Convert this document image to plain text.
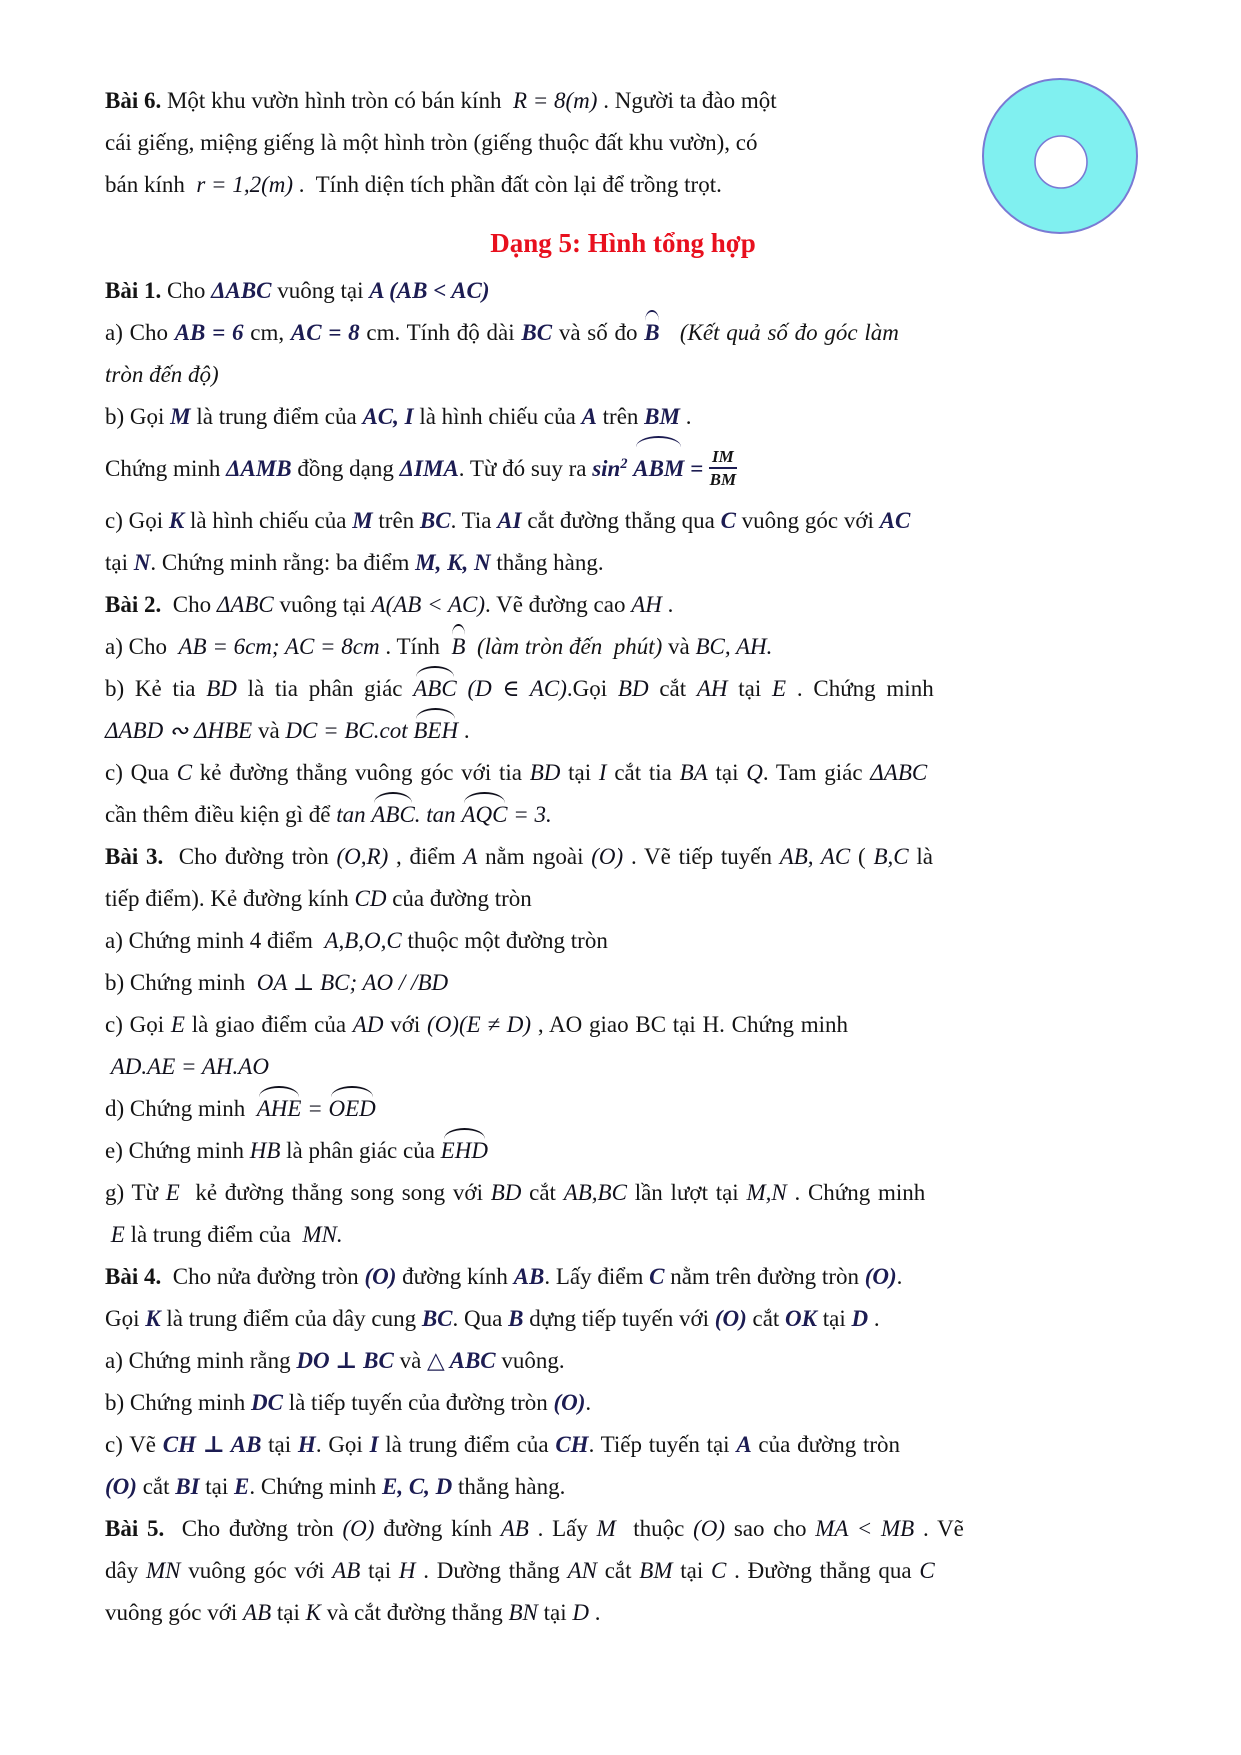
Bài 6. Một khu vườn hình tròn có bán kính  R = 8(m) . Người ta đào một
cái giếng, miệng giếng là một hình tròn (giếng thuộc đất khu vườn), có
bán kính  r = 1,2(m) .  Tính diện tích phần đất còn lại để trồng trọt.
Dạng 5: Hình tổng hợp
Bài 1. Cho ΔABC vuông tại A (AB < AC)
a) Cho AB = 6 cm, AC = 8 cm. Tính độ dài BC và số đo B (Kết quả số đo góc làm
tròn đến độ)
b) Gọi M là trung điểm của AC, I là hình chiếu của A trên BM .
Chứng minh ΔAMB đồng dạng ΔIMA. Từ đó suy ra $\sin^2$ ABM = $\frac{IM}{BM}$
c) Gọi K là hình chiếu của M trên BC. Tia AI cắt đường thẳng qua C vuông góc với AC
tại N. Chứng minh rằng: ba điểm M, K, N thẳng hàng.
Bài 2.  Cho ΔABC vuông tại A(AB < AC). Vẽ đường cao AH .
a) Cho  AB = 6cm; AC = 8cm . Tính  B (làm tròn đến  phút) và BC, AH.
b) Kẻ tia BD là tia phân giác ABC (D ∈ AC).Gọi BD cắt AH tại E . Chứng minh
ΔABD ∾ ΔHBE và DC = BC.cot BEH .
c) Qua C kẻ đường thẳng vuông góc với tia BD tại I cắt tia BA tại Q. Tam giác ΔABC
cần thêm điều kiện gì để tan ABC. tan AQC = 3.
Bài 3.  Cho đường tròn (O,R) , điểm A nằm ngoài (O) . Vẽ tiếp tuyến AB, AC ( B,C là
tiếp điểm). Kẻ đường kính CD của đường tròn
a) Chứng minh 4 điểm  A,B,O,C thuộc một đường tròn
b) Chứng minh  OA ⊥ BC; AO / /BD
c) Gọi E là giao điểm của AD với (O)(E ≠ D) , AO giao BC tại H. Chứng minh
AD.AE = AH.AO
d) Chứng minh  AHE = OED
e) Chứng minh HB là phân giác của EHD
g) Từ E  kẻ đường thẳng song song với BD cắt AB,BC lần lượt tại M,N . Chứng minh
E là trung điểm của  MN.
Bài 4.  Cho nửa đường tròn (O) đường kính AB. Lấy điểm C nằm trên đường tròn (O).
Gọi K là trung điểm của dây cung BC. Qua B dựng tiếp tuyến với (O) cắt OK tại D .
a) Chứng minh rằng DO ⊥ BC và △ ABC vuông.
b) Chứng minh DC là tiếp tuyến của đường tròn (O).
c) Vẽ CH ⊥ AB tại H. Gọi I là trung điểm của CH. Tiếp tuyến tại A của đường tròn
(O) cắt BI tại E. Chứng minh E, C, D thẳng hàng.
Bài 5.  Cho đường tròn (O) đường kính AB . Lấy M  thuộc (O) sao cho MA < MB . Vẽ
dây MN vuông góc với AB tại H . Dường thẳng AN cắt BM tại C . Đường thẳng qua C
vuông góc với AB tại K và cắt đường thẳng BN tại D .
